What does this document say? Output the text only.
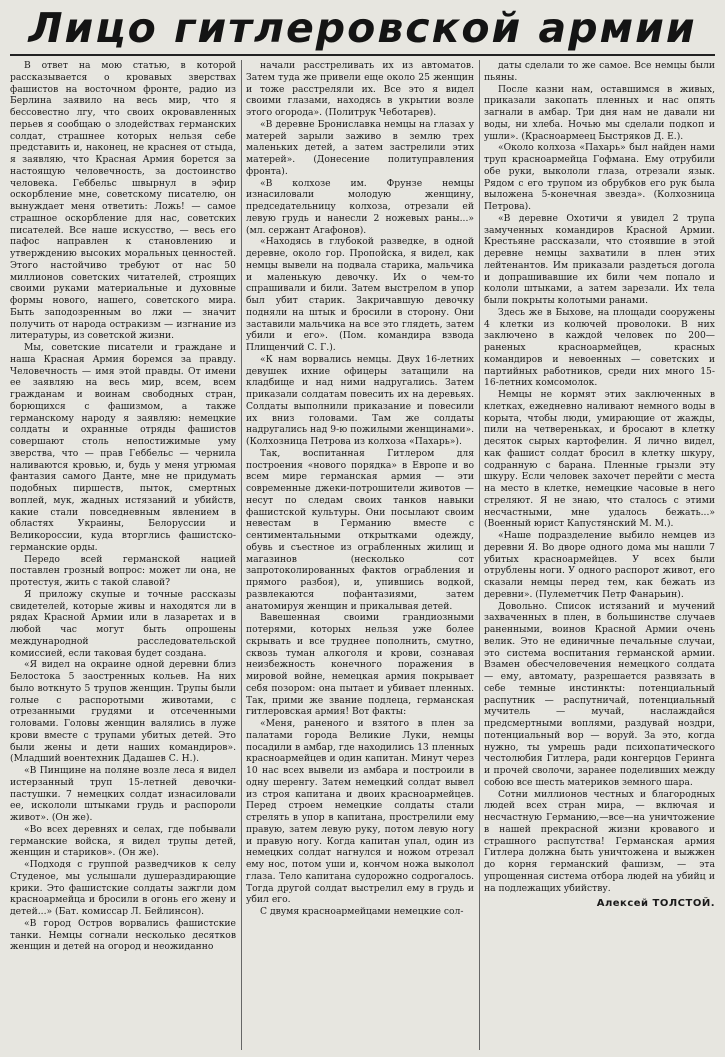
Лицо гитлеровской армии

В ответ на мою статью, в которой рассказывается о кровавых зверствах фашистов на восточном фронте, радио из Берлина заявило на весь мир, что я бессовестно лгу, что своих окровавленных перьев я сообщаю о злодействах германских солдат, страшнее которых нельзя себе представить и, наконец, не краснея от стыда, я заявляю, что Красная Армия борется за настоящую человечность, за достоинство человека. Геббельс швырнул в эфир оскорбление мне, советскому писателю, он вынуждает меня ответить: Ложь! — самое страшное оскорбление для нас, советских писателей. Все наше искусство, — весь его пафос направлен к становлению и утверждению высоких моральных ценностей. Этого настойчиво требуют от нас 50 миллионов советских читателей, строящих своими руками материальные и духовные формы нового, нашего, советского мира. Быть заподозренным во лжи — значит получить от народа остракизм — изгнание из литературы, из советской жизни.

Мы, советские писатели и граждане и наша Красная Армия боремся за правду. Человечность — имя этой правды. От имени ее заявляю на весь мир, всем, всем гражданам и воинам свободных стран, борющихся с фашизмом, а также германскому народу я заявляю: немецкие солдаты и охранные отряды фашистов совершают столь непостижимые уму зверства, что — прав Геббельс — чернила наливаются кровью, и, будь у меня угрюмая фантазия самого Данте, мне не придумать подобных пиршеств, пыток, смертных воплей, мук, жадных истязаний и убийств, какие стали повседневным явлением в областях Украины, Белоруссии и Великороссии, куда вторглись фашистско-германские орды.

Передо всей германской нацией поставлен грозный вопрос: может ли она, не протестуя, жить с такой славой?

Я приложу скупые и точные рассказы свидетелей, которые живы и находятся ли в рядах Красной Армии или в лазаретах и в любой час могут быть опрошены международной расследовательской комиссией, если таковая будет создана.

«Я видел на окраине одной деревни близ Белостока 5 заостренных кольев. На них было воткнуто 5 трупов женщин. Трупы были голые с распоротыми животами, с отрезанными грудями и отсеченными головами. Головы женщин валялись в луже крови вместе с трупами убитых детей. Это были жены и дети наших командиров». (Младший воентехник Дадашев С. Н.).

«В Пинщине на поляне возле леса я видел истерзанный труп 15-летней девочки-пастушки. 7 немецких солдат изнасиловали ее, искололи штыками грудь и распороли живот». (Он же).

«Во всех деревнях и селах, где побывали германские войска, я видел трупы детей, женщин и стариков». (Он же).

«Подходя с группой разведчиков к селу Студеное, мы услышали душераздирающие крики. Это фашистские солдаты зажгли дом красноармейца и бросили в огонь его жену и детей...» (Бат. комиссар Л. Бейлинсон).

«В город Остров ворвались фашистские танки. Немцы согнали несколько десятков женщин и детей на огород и неожиданно

начали расстреливать их из автоматов. Затем туда же привели еще около 25 женщин и тоже расстреляли их. Все это я видел своими глазами, находясь в укрытии возле этого огорода». (Политрук Чеботарев).

«В деревне Брониславка немцы на глазах у матерей зарыли заживо в землю трех маленьких детей, а затем застрелили этих матерей». (Донесение политуправления фронта).

«В колхозе им. Фрунзе немцы изнасиловали молодую женщину, председательницу колхоза, отрезали ей левую грудь и нанесли 2 ножевых раны...» (мл. сержант Агафонов).

«Находясь в глубокой разведке, в одной деревне, около гор. Пропойска, я видел, как немцы вывели на подвала старика, мальчика и маленькую девочку. Их о чем-то спрашивали и били. Затем выстрелом в упор был убит старик. Закричавшую девочку подняли на штык и бросили в сторону. Они заставили мальчика на все это глядеть, затем убили и его». (Пом. командира взвода Плищенчий С. Г.).

«К нам ворвались немцы. Двух 16-летних девушек ихние офицеры затащили на кладбище и над ними надругались. Затем приказали солдатам повесить их на деревьях. Солдаты выполнили приказание и повесили их вниз головами. Там же солдаты надругались над 9-ю пожилыми женщинами». (Колхозница Петрова из колхоза «Пахарь»).

Так, воспитанная Гитлером для построения «нового порядка» в Европе и во всем мире германская армия — эти современные джеки-потрошители животов — несут по следам своих танков навыки фашистской культуры. Они посылают своим невестам в Германию вместе с сентиментальными открытками одежду, обувь и съестное из ограбленных жилищ и магазинов (несколько сот запротоколированных фактов ограбления и прямого разбоя), и, упившись водкой, развлекаются пофантазиями, затем анатомируя женщин и прикалывая детей.

Вавешенная своими грандиозными потерями, которых нельзя уже более скрывать и все труднее пополнить, смутно, сквозь туман алкоголя и крови, сознавая неизбежность конечного поражения в мировой войне, немецкая армия покрывает себя позором: она пытает и убивает пленных. Так, прими же звание подлеца, германская гитлеровская армия! Вот факты:

«Меня, раненого и взятого в плен за палатами города Великие Луки, немцы посадили в амбар, где находились 13 пленных красноармейцев и один капитан. Минут через 10 нас всех вывели из амбара и построили в одну шеренгу. Затем немецкий солдат вывел из строя капитана и двоих красноармейцев. Перед строем немецкие солдаты стали стрелять в упор в капитана, прострелили ему правую, затем левую руку, потом левую ногу и правую ногу. Когда капитан упал, один из немецких солдат нагнулся и ножом отрезал ему нос, потом уши и, кончом ножа выколол глаза. Тело капитана судорожно содрогалось. Тогда другой солдат выстрелил ему в грудь и убил его.

С двумя красноармейцами немецкие сол-

даты сделали то же самое. Все немцы были пьяны.

После казни нам, оставшимся в живых, приказали закопать пленных и нас опять загнали в амбар. Три дня нам не давали ни воды, ни хлеба. Ночью мы сделали подкоп и ушли». (Красноармеец Быстряков Д. Е.).

«Около колхоза «Пахарь» был найден нами труп красноармейца Гофмана. Ему отрубили обе руки, выкололи глаза, отрезали язык. Рядом с его трупом из обрубков его рук была выложена 5-конечная звезда». (Колхозница Петрова).

«В деревне Охотичи я увидел 2 трупа замученных командиров Красной Армии. Крестьяне рассказали, что стоявшие в этой деревне немцы захватили в плен этих лейтенантов. Им приказали раздеться догола и допрашивавшие их били чем попало и кололи штыками, а затем зарезали. Их тела были покрыты колотыми ранами.

Здесь же в Быхове, на площади сооружены 4 клетки из колючей проволоки. В них заключено в каждой человек по 200— раненых красноармейцев, красных командиров и невоенных — советских и партийных работников, среди них много 15-16-летних комсомолок.

Немцы не кормят этих заключенных в клетках, ежедневно наливают немного воды в корыта, чтобы люди, умирающие от жажды, пили на четвереньках, и бросают в клетку десяток сырых картофелин. Я лично видел, как фашист солдат бросил в клетку шкуру, содранную с барана. Пленные грызли эту шкуру. Если человек захочет перейти с места на место в клетке, немецкие часовые в него стреляют. Я не знаю, что сталось с этими несчастными, мне удалось бежать...» (Военный юрист Капустянский М. М.).

«Наше подразделение выбило немцев из деревни Я. Во дворе одного дома мы нашли 7 убитых красноармейцев. У всех были отрублены ноги. У одного распорот живот, его сказали немцы перед тем, как бежать из деревни». (Пулеметчик Петр Фанарьин).

Довольно. Список истязаний и мучений захваченных в плен, в большинстве случаев раненными, воинов Красной Армии очень велик. Это не единичные печальные случаи, это система воспитания германской армии. Взамен обесчеловечения немецкого солдата — ему, автомату, разрешается развязать в себе темные инстинкты: потенциальный распутник — распутничай, потенциальный мучитель — мучай, наслаждайся предсмертными воплями, раздувай ноздри, потенциальный вор — воруй. За это, когда нужно, ты умрешь ради психопатического честолюбия Гитлера, ради конгерцов Геринга и прочей сволочи, заранее поделивших между собою все шесть материков земного шара.

Сотни миллионов честных и благородных людей всех стран мира, — включая и несчастную Германию,—все—на уничтожение в нашей прекрасной жизни кровавого и страшного распутства! Германская армия Гитлера должна быть уничтожена и выжжен до корня германский фашизм, — эта упрощенная система отбора людей на убийц и на подлежащих убийству.

Алексей ТОЛСТОЙ.
